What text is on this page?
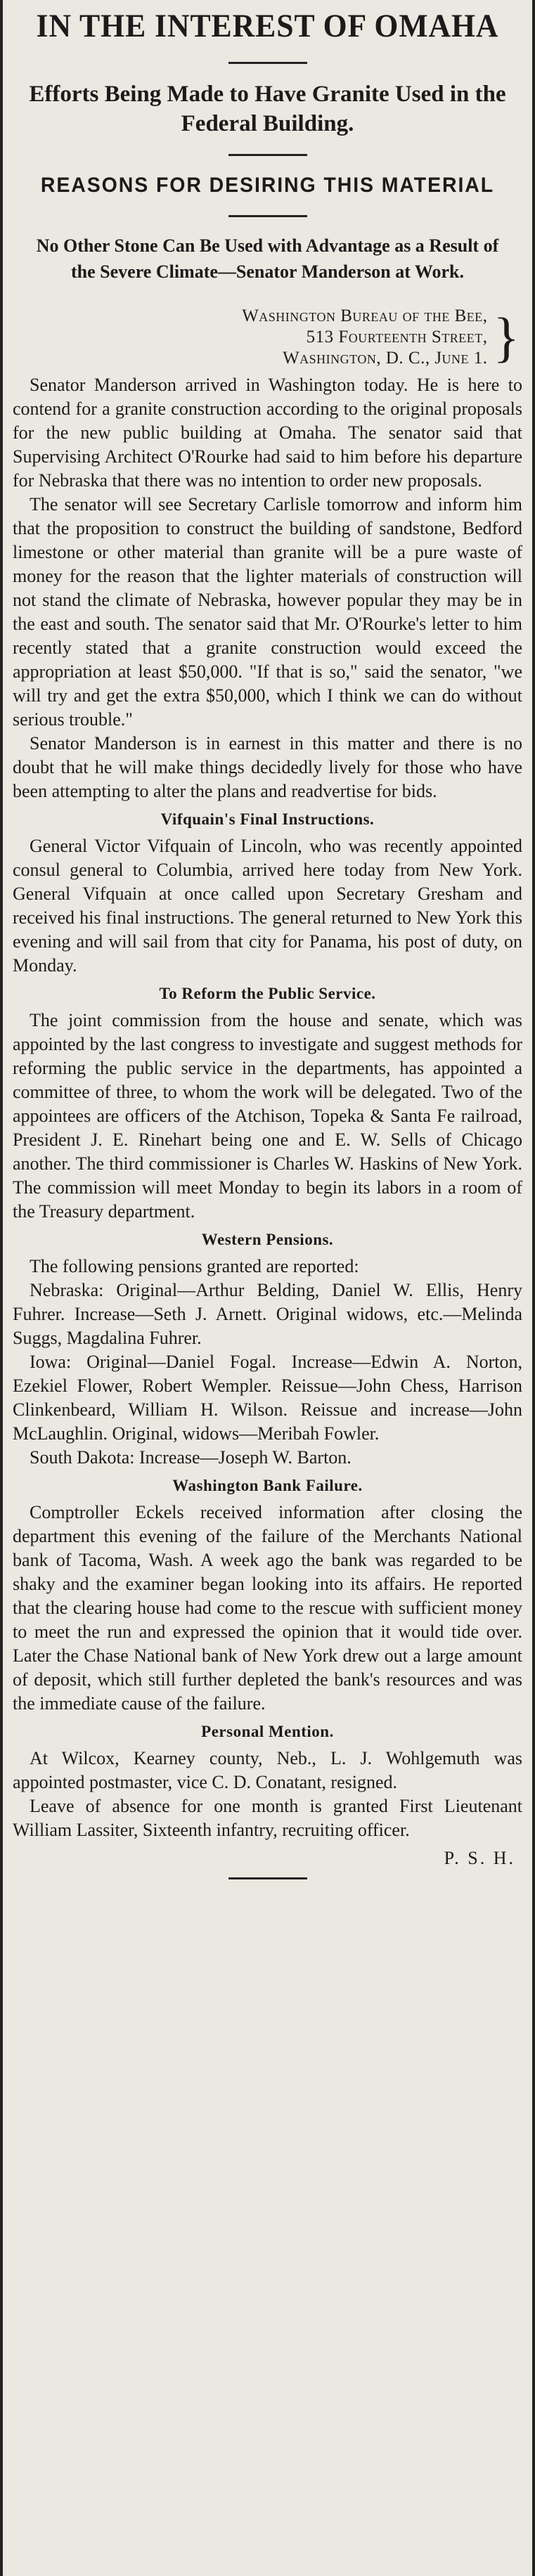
IN THE INTEREST OF OMAHA
Efforts Being Made to Have Granite Used in the Federal Building.
REASONS FOR DESIRING THIS MATERIAL
No Other Stone Can Be Used with Advantage as a Result of the Severe Climate—Senator Manderson at Work.
Washington Bureau of the Bee,
513 Fourteenth Street,
Washington, D. C., June 1. }

Senator Manderson arrived in Washington today. He is here to contend for a granite construction according to the original proposals for the new public building at Omaha. The senator said that Supervising Architect O'Rourke had said to him before his departure for Nebraska that there was no intention to order new proposals.

The senator will see Secretary Carlisle tomorrow and inform him that the proposition to construct the building of sandstone, Bedford limestone or other material than granite will be a pure waste of money for the reason that the lighter materials of construction will not stand the climate of Nebraska, however popular they may be in the east and south. The senator said that Mr. O'Rourke's letter to him recently stated that a granite construction would exceed the appropriation at least $50,000. "If that is so," said the senator, "we will try and get the extra $50,000, which I think we can do without serious trouble."

Senator Manderson is in earnest in this matter and there is no doubt that he will make things decidedly lively for those who have been attempting to alter the plans and readvertise for bids.

Vifquain's Final Instructions.

General Victor Vifquain of Lincoln, who was recently appointed consul general to Columbia, arrived here today from New York. General Vifquain at once called upon Secretary Gresham and received his final instructions. The general returned to New York this evening and will sail from that city for Panama, his post of duty, on Monday.

To Reform the Public Service.

The joint commission from the house and senate, which was appointed by the last congress to investigate and suggest methods for reforming the public service in the departments, has appointed a committee of three, to whom the work will be delegated. Two of the appointees are officers of the Atchison, Topeka & Santa Fe railroad, President J. E. Rinehart being one and E. W. Sells of Chicago another. The third commissioner is Charles W. Haskins of New York. The commission will meet Monday to begin its labors in a room of the Treasury department.

Western Pensions.

The following pensions granted are reported:

Nebraska: Original—Arthur Belding, Daniel W. Ellis, Henry Fuhrer. Increase—Seth J. Arnett. Original widows, etc.—Melinda Suggs, Magdalina Fuhrer.

Iowa: Original—Daniel Fogal. Increase—Edwin A. Norton, Ezekiel Flower, Robert Wempler. Reissue—John Chess, Harrison Clinkenbeard, William H. Wilson. Reissue and increase—John McLaughlin. Original, widows—Meribah Fowler.

South Dakota: Increase—Joseph W. Barton.

Washington Bank Failure.

Comptroller Eckels received information after closing the department this evening of the failure of the Merchants National bank of Tacoma, Wash. A week ago the bank was regarded to be shaky and the examiner began looking into its affairs. He reported that the clearing house had come to the rescue with sufficient money to meet the run and expressed the opinion that it would tide over. Later the Chase National bank of New York drew out a large amount of deposit, which still further depleted the bank's resources and was the immediate cause of the failure.

Personal Mention.

At Wilcox, Kearney county, Neb., L. J. Wohlgemuth was appointed postmaster, vice C. D. Conatant, resigned.

Leave of absence for one month is granted First Lieutenant William Lassiter, Sixteenth infantry, recruiting officer.

P. S. H.
